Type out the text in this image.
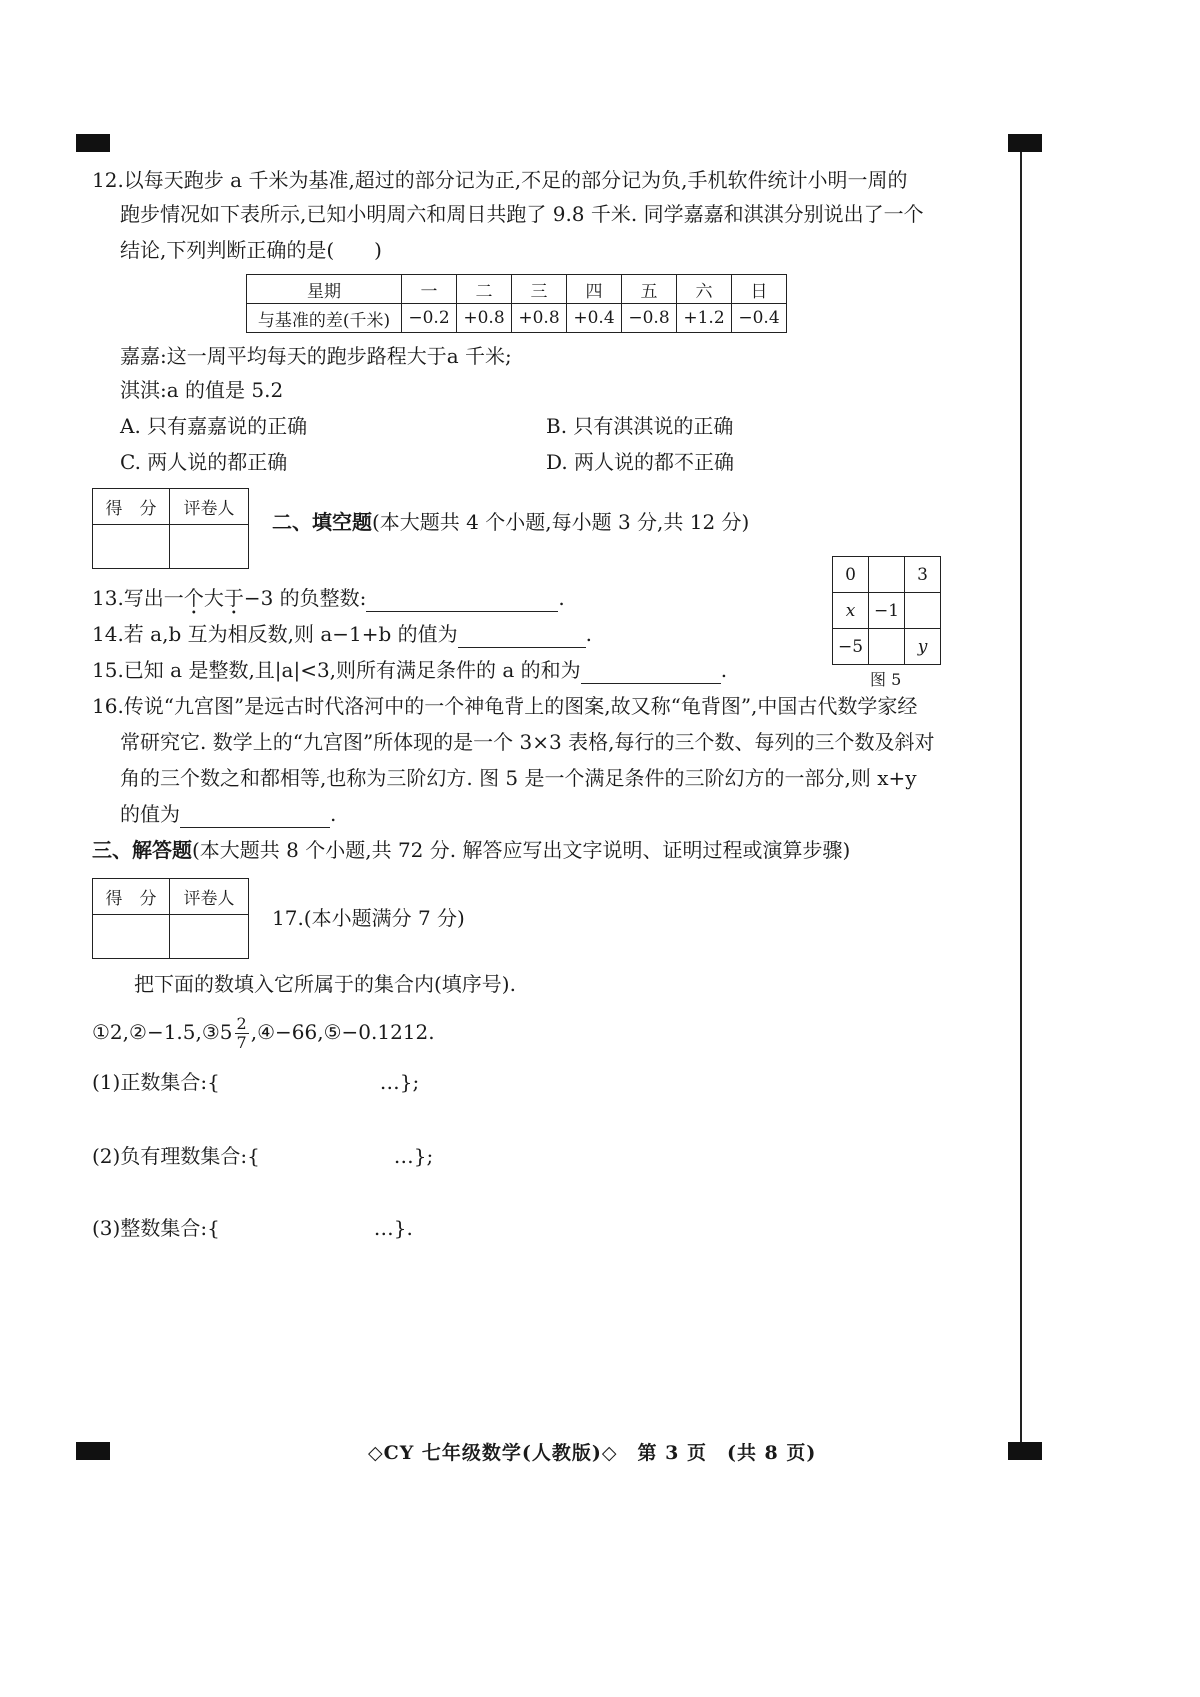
12.以每天跑步 a 千米为基准,超过的部分记为正,不足的部分记为负,手机软件统计小明一周的
跑步情况如下表所示,已知小明周六和周日共跑了 9.8 千米. 同学嘉嘉和淇淇分别说出了一个
结论,下列判断正确的是(　　)
星期	一	二	三	四	五	六	日
与基准的差(千米)	−0.2	+0.8	+0.8	+0.4	−0.8	+1.2	−0.4
嘉嘉:这一周平均每天的跑步路程大于a 千米;
淇淇:a 的值是 5.2
A. 只有嘉嘉说的正确	B. 只有淇淇说的正确
C. 两人说的都正确	D. 两人说的都不正确
得　分	评卷人

二、填空题(本大题共 4 个小题,每小题 3 分,共 12 分)
0		3
x	−1	
−5		y
图 5
13.写出一个大于−3 的负整数:	.
14.若 a,b 互为相反数,则 a−1+b 的值为	.
15.已知 a 是整数,且|a|<3,则所有满足条件的 a 的和为	.
16.传说“九宫图”是远古时代洛河中的一个神龟背上的图案,故又称“龟背图”,中国古代数学家经
常研究它. 数学上的“九宫图”所体现的是一个 3×3 表格,每行的三个数、每列的三个数及斜对
角的三个数之和都相等,也称为三阶幻方. 图 5 是一个满足条件的三阶幻方的一部分,则 x+y
的值为	.
三、解答题(本大题共 8 个小题,共 72 分. 解答应写出文字说明、证明过程或演算步骤)
得　分	评卷人

17.(本小题满分 7 分)
把下面的数填入它所属于的集合内(填序号).
①2,②−1.5,③5 $\frac{2}{7}$ ,④−66,⑤−0.1212.
(1)正数集合:{	…};
(2)负有理数集合:{	…};
(3)整数集合:{	…}.
◇CY 七年级数学(人教版)◇　第 3 页　(共 8 页)
